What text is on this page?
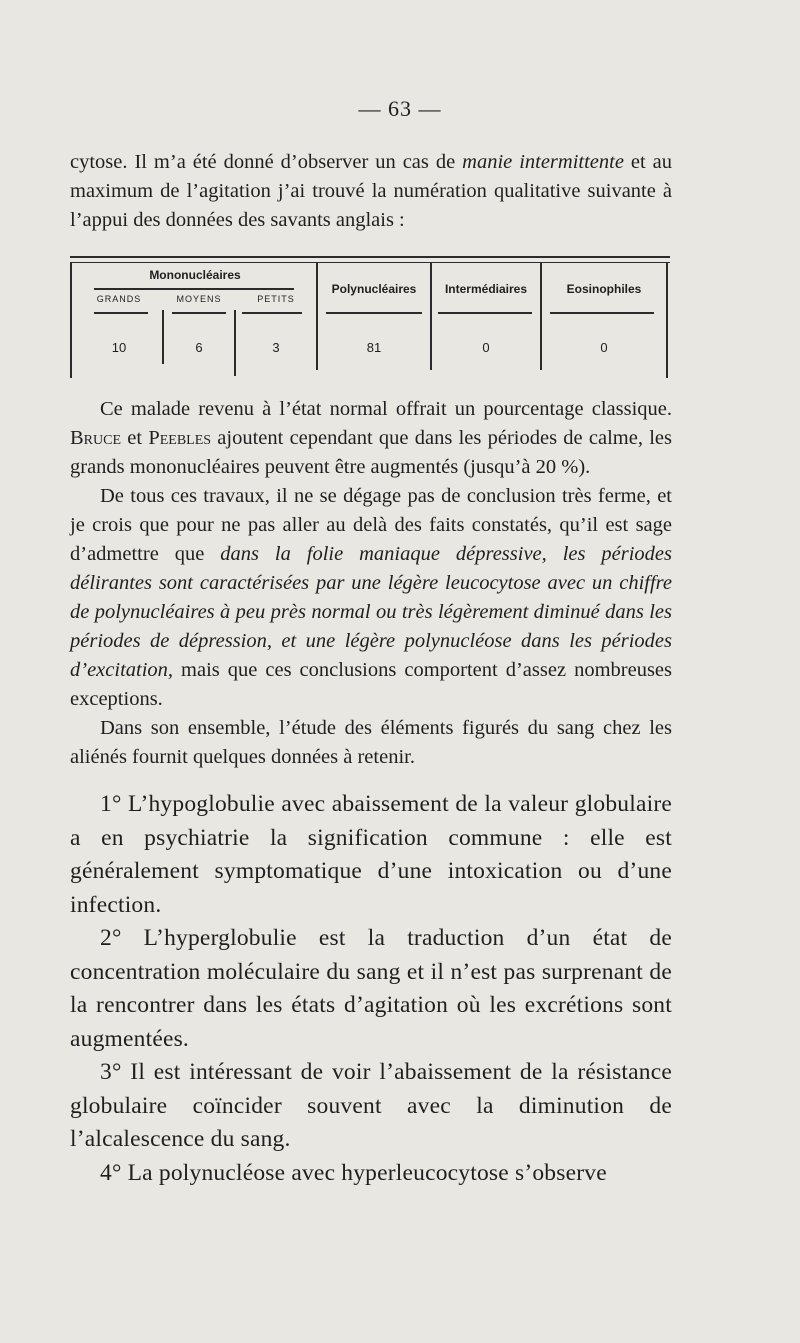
— 63 —

cytose. Il m’a été donné d’observer un cas de manie intermittente et au maximum de l’agitation j’ai trouvé la numération qualitative suivante à l’appui des données des savants anglais :

Mononucléaires
GRANDS	MOYENS	PETITS
Polynucléaires	Intermédiaires	Eosinophiles
10	6	3	81	0	0

Ce malade revenu à l’état normal offrait un pourcentage classique. Bruce et Peebles ajoutent cependant que dans les périodes de calme, les grands mononucléaires peuvent être augmentés (jusqu’à 20 %).

De tous ces travaux, il ne se dégage pas de conclusion très ferme, et je crois que pour ne pas aller au delà des faits constatés, qu’il est sage d’admettre que dans la folie maniaque dépressive, les périodes délirantes sont caractérisées par une légère leucocytose avec un chiffre de polynucléaires à peu près normal ou très légèrement diminué dans les périodes de dépression, et une légère polynucléose dans les périodes d’excitation, mais que ces conclusions comportent d’assez nombreuses exceptions.

Dans son ensemble, l’étude des éléments figurés du sang chez les aliénés fournit quelques données à retenir.

1° L’hypoglobulie avec abaissement de la valeur globulaire a en psychiatrie la signification commune : elle est généralement symptomatique d’une intoxication ou d’une infection.

2° L’hyperglobulie est la traduction d’un état de concentration moléculaire du sang et il n’est pas surprenant de la rencontrer dans les états d’agitation où les excrétions sont augmentées.

3° Il est intéressant de voir l’abaissement de la résistance globulaire coïncider souvent avec la diminution de l’alcalescence du sang.

4° La polynucléose avec hyperleucocytose s’observe
